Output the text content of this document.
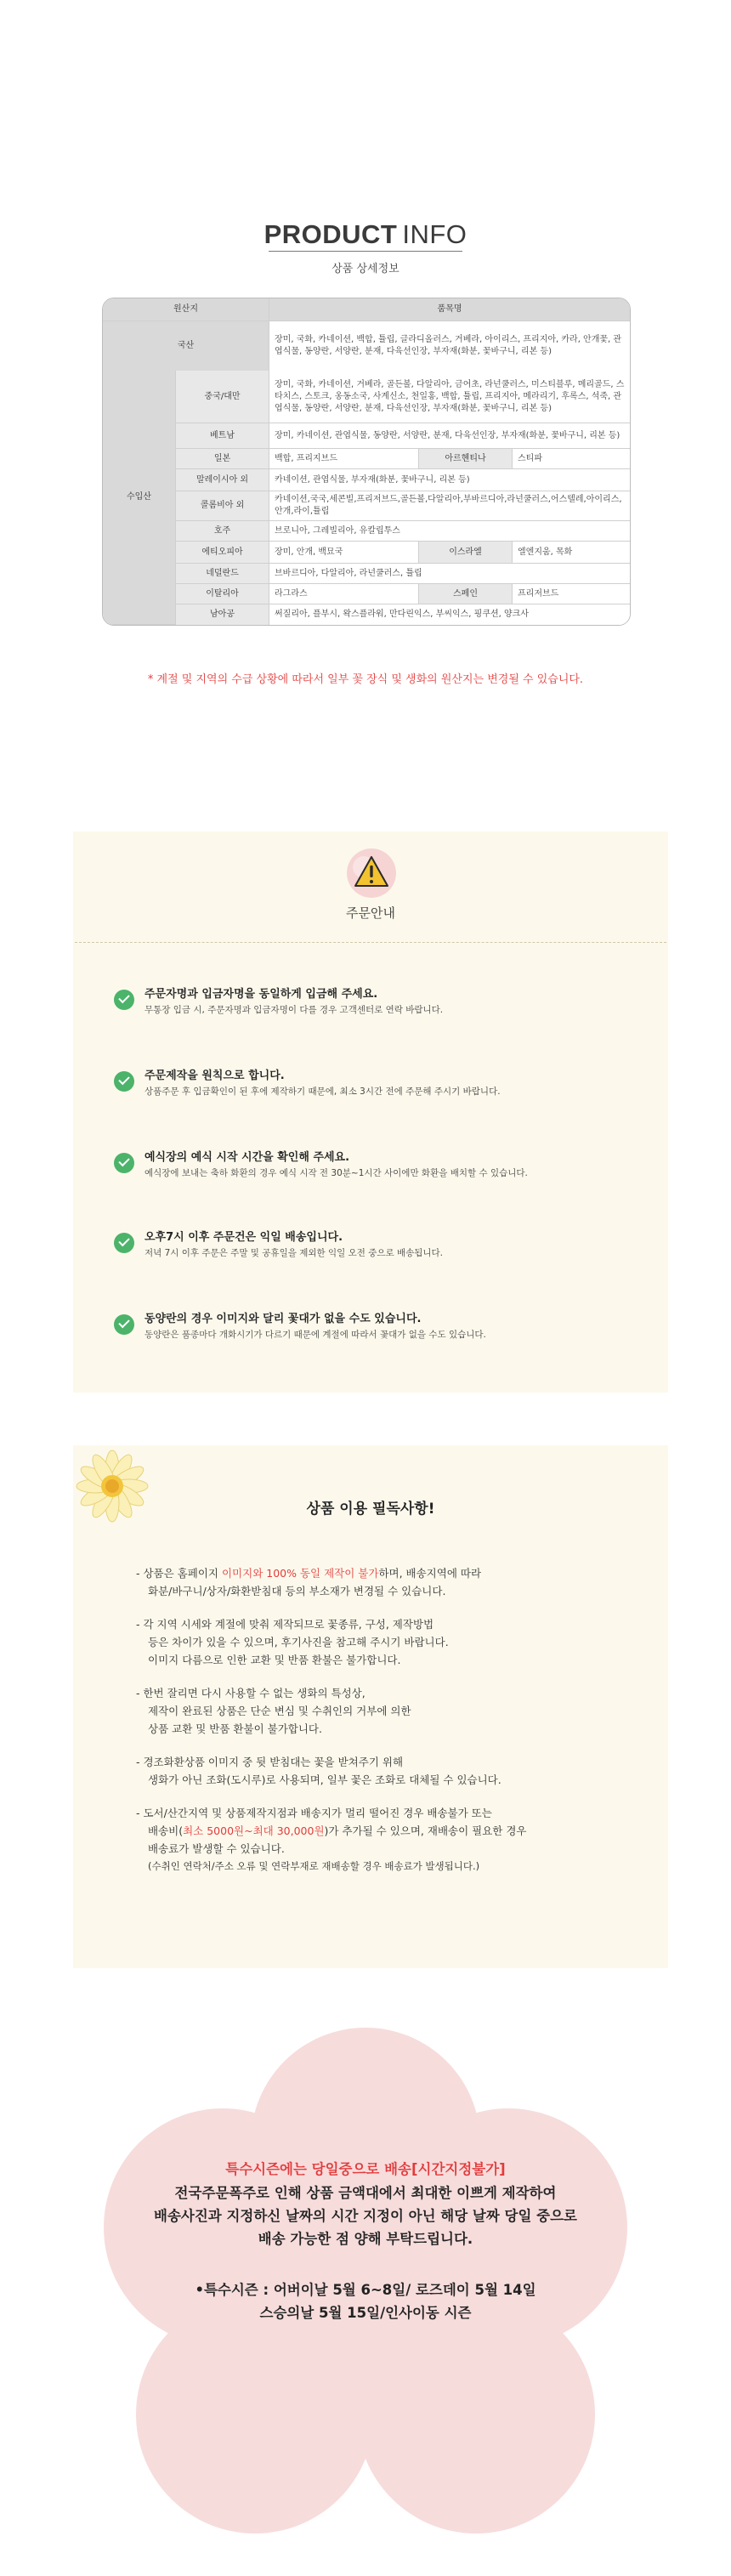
PRODUCT INFO
상품 상세정보
원산지		품목명		
국산		장미, 국화, 카네이션, 백합, 튤립, 글라디올러스, 거베라, 아이리스, 프리지아, 카라, 안개꽃, 관엽식물, 동양란, 서양란, 분재, 다육선인장, 부자재(화분, 꽃바구니, 리본 등)		
수입산	중국/대만	장미, 국화, 카네이션, 거베라, 골든볼, 다알리아, 금어초, 라넌쿨러스, 미스티블루, 메리골드, 스타치스, 스토크, 옹동소국, 사계신소, 천일홍, 백합, 튤립, 프리지아, 메라리기, 후록스, 석죽, 관엽식물, 동양란, 서양란, 분재, 다육선인장, 부자재(화분, 꽃바구니, 리본 등)		
	베트남	장미, 카네이션, 관엽식물, 동양란, 서양란, 분재, 다육선인장, 부자재(화분, 꽃바구니, 리본 등)		
	일본	백합, 프리지브드	아르헨티나	스티파
	말레이시아 외	카네이션, 관엽식물, 부자재(화분, 꽃바구니, 리본 등)		
	콜롬비아 외	카네이션,국국,세콘빌,프리저브드,골든볼,다알리아,부바르디아,라넌쿨러스,어스텔레,아이리스,안개,라이,튤립		
	호주	브로니아, 그레빌리아, 유칼립투스		
	에티오피아	장미, 안개, 백묘국	이스라엘	엘엔지움, 목화
	네덜란드	브바르디아, 다알리아, 라넌쿨러스, 튤립		
	이탈리아	라그라스	스페인	프리저브드
	남아공	써질리아, 플부시, 왁스플라워, 만다린익스, 부씨익스, 핑쿠션, 양크사		
* 계절 및 지역의 수급 상황에 따라서 일부 꽃 장식 및 생화의 원산지는 변경될 수 있습니다.
주문안내
주문자명과 입금자명을 동일하게 입금해 주세요.
무통장 입금 시, 주문자명과 입금자명이 다를 경우 고객센터로 연락 바랍니다.
주문제작을 원칙으로 합니다.
상품주문 후 입금확인이 된 후에 제작하기 때문에, 최소 3시간 전에 주문해 주시기 바랍니다.
예식장의 예식 시작 시간을 확인해 주세요.
예식장에 보내는 축하 화환의 경우 예식 시작 전 30분~1시간 사이에만 화환을 배치할 수 있습니다.
오후7시 이후 주문건은 익일 배송입니다.
저녁 7시 이후 주문은 주말 및 공휴일을 제외한 익일 오전 중으로 배송됩니다.
동양란의 경우 이미지와 달리 꽃대가 없을 수도 있습니다.
동양란은 품종마다 개화시기가 다르기 때문에 계절에 따라서 꽃대가 없을 수도 있습니다.
상품 이용 필독사항!
- 상품은 홈페이지 이미지와 100% 동일 제작이 불가하며, 배송지역에 따라
화분/바구니/상자/화환받침대 등의 부소재가 변경될 수 있습니다.
- 각 지역 시세와 계절에 맞춰 제작되므로 꽃종류, 구성, 제작방법
등은 차이가 있을 수 있으며, 후기사진을 참고해 주시기 바랍니다.
이미지 다름으로 인한 교환 및 반품 환불은 불가합니다.
- 한번 잘리면 다시 사용할 수 없는 생화의 특성상,
제작이 완료된 상품은 단순 변심 및 수취인의 거부에 의한
상품 교환 및 반품 환불이 불가합니다.
- 경조화환상품 이미지 중 뒷 받침대는 꽃을 받쳐주기 위해
생화가 아닌 조화(도시루)로 사용되며, 일부 꽃은 조화로 대체될 수 있습니다.
- 도서/산간지역 및 상품제작지점과 배송지가 멀리 떨어진 경우 배송불가 또는
배송비(최소 5000원~최대 30,000원)가 추가될 수 있으며, 재배송이 필요한 경우
배송료가 발생할 수 있습니다.
(수취인 연락처/주소 오류 및 연락부재로 재배송할 경우 배송료가 발생됩니다.)
특수시즌에는 당일중으로 배송[시간지정불가]
전국주문폭주로 인해 상품 금액대에서 최대한 이쁘게 제작하여
배송사진과 지정하신 날짜의 시간 지정이 아닌 해당 날짜 당일 중으로
배송 가능한 점 양해 부탁드립니다.
•특수시즌 : 어버이날 5월 6~8일/ 로즈데이 5월 14일
스승의날 5월 15일/인사이동 시즌
